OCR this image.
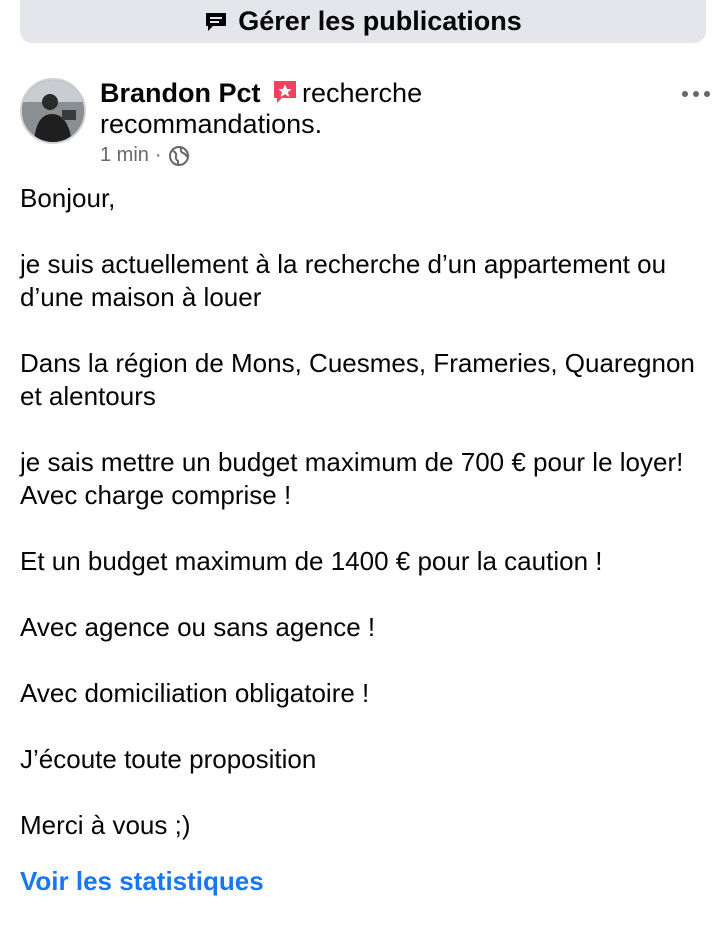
Gérer les publications
Brandon Pct recherche recommandations.
1 min ·

Bonjour,

je suis actuellement à la recherche d’un appartement ou d’une maison à louer

Dans la région de Mons, Cuesmes, Frameries, Quaregnon et alentours

je sais mettre un budget maximum de 700 € pour le loyer! Avec charge comprise !

Et un budget maximum de 1400 € pour la caution !

Avec agence ou sans agence !

Avec domiciliation obligatoire !

J’écoute toute proposition

Merci à vous ;)

Voir les statistiques
